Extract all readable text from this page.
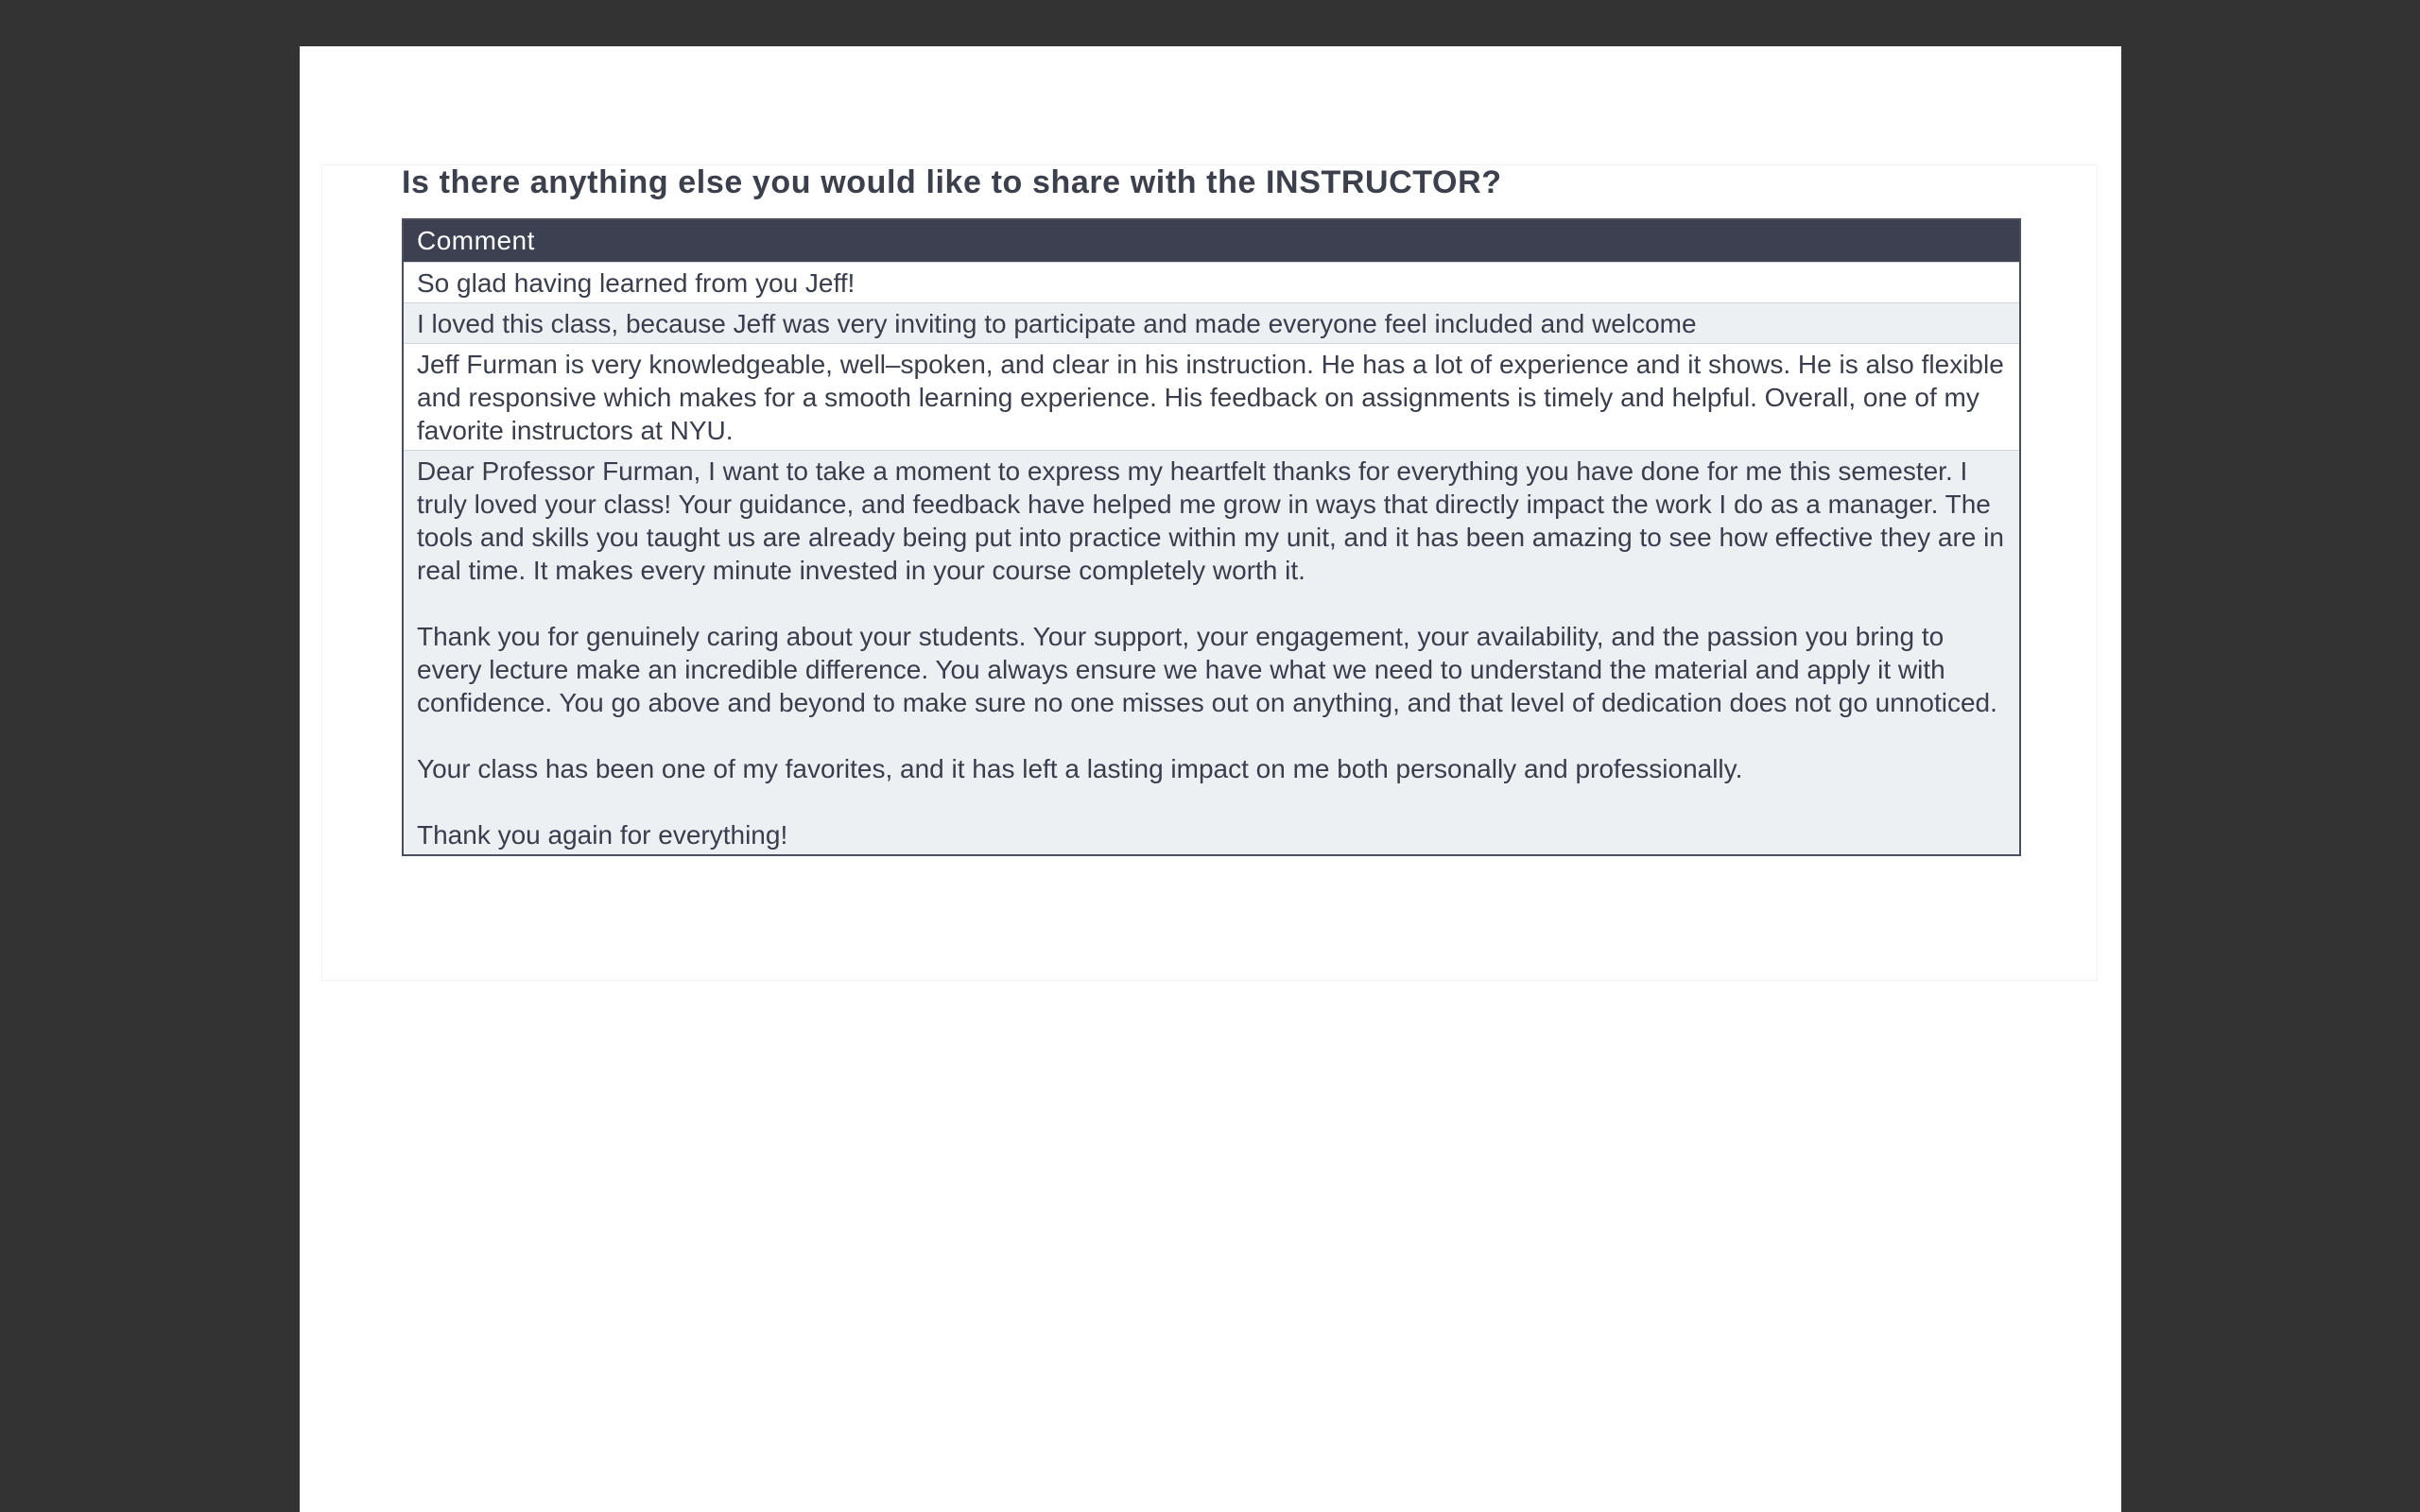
Is there anything else you would like to share with the INSTRUCTOR?
Comment
So glad having learned from you Jeff!
I loved this class, because Jeff was very inviting to participate and made everyone feel included and welcome
Jeff Furman is very knowledgeable, well–spoken, and clear in his instruction. He has a lot of experience and it shows. He is also flexible and responsive which makes for a smooth learning experience. His feedback on assignments is timely and helpful. Overall, one of my favorite instructors at NYU.
Dear Professor Furman, I want to take a moment to express my heartfelt thanks for everything you have done for me this semester. I truly loved your class! Your guidance, and feedback have helped me grow in ways that directly impact the work I do as a manager. The tools and skills you taught us are already being put into practice within my unit, and it has been amazing to see how effective they are in real time. It makes every minute invested in your course completely worth it.

Thank you for genuinely caring about your students. Your support, your engagement, your availability, and the passion you bring to every lecture make an incredible difference. You always ensure we have what we need to understand the material and apply it with confidence. You go above and beyond to make sure no one misses out on anything, and that level of dedication does not go unnoticed.

Your class has been one of my favorites, and it has left a lasting impact on me both personally and professionally.

Thank you again for everything!
